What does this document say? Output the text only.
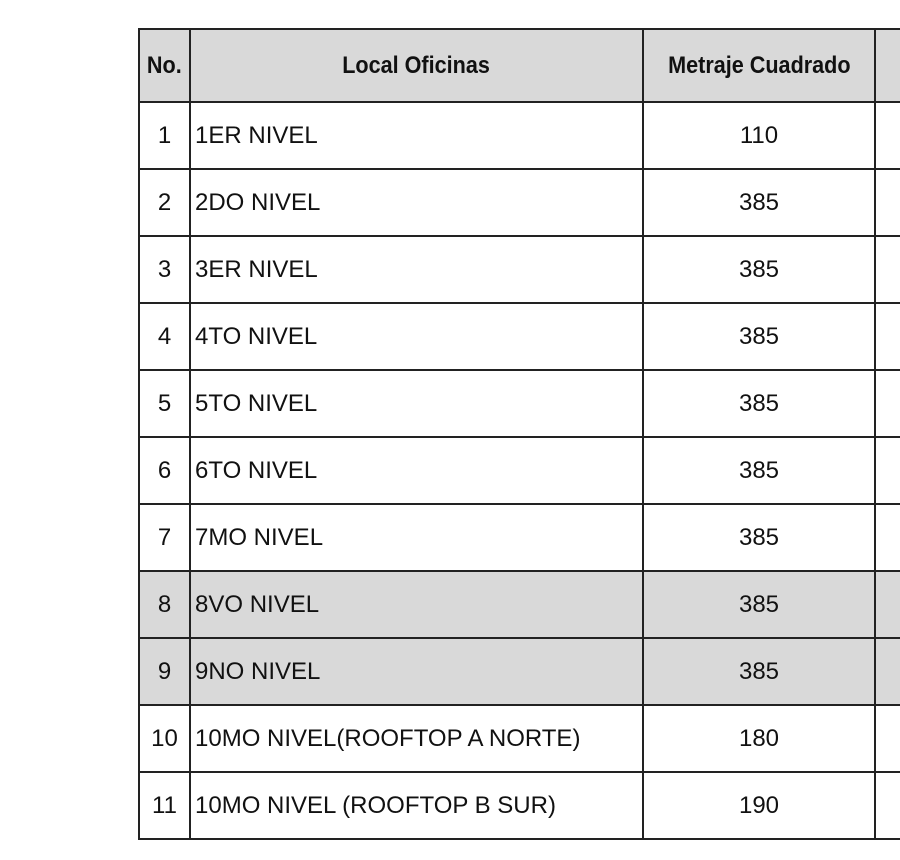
No.	Local Oficinas	Metraje Cuadrado	
1	1ER NIVEL	110	
2	2DO NIVEL	385	
3	3ER NIVEL	385	
4	4TO NIVEL	385	
5	5TO NIVEL	385	
6	6TO NIVEL	385	
7	7MO NIVEL	385	
8	8VO NIVEL	385	
9	9NO NIVEL	385	
10	10MO NIVEL(ROOFTOP A NORTE)	180	
11	10MO NIVEL (ROOFTOP B SUR)	190	
